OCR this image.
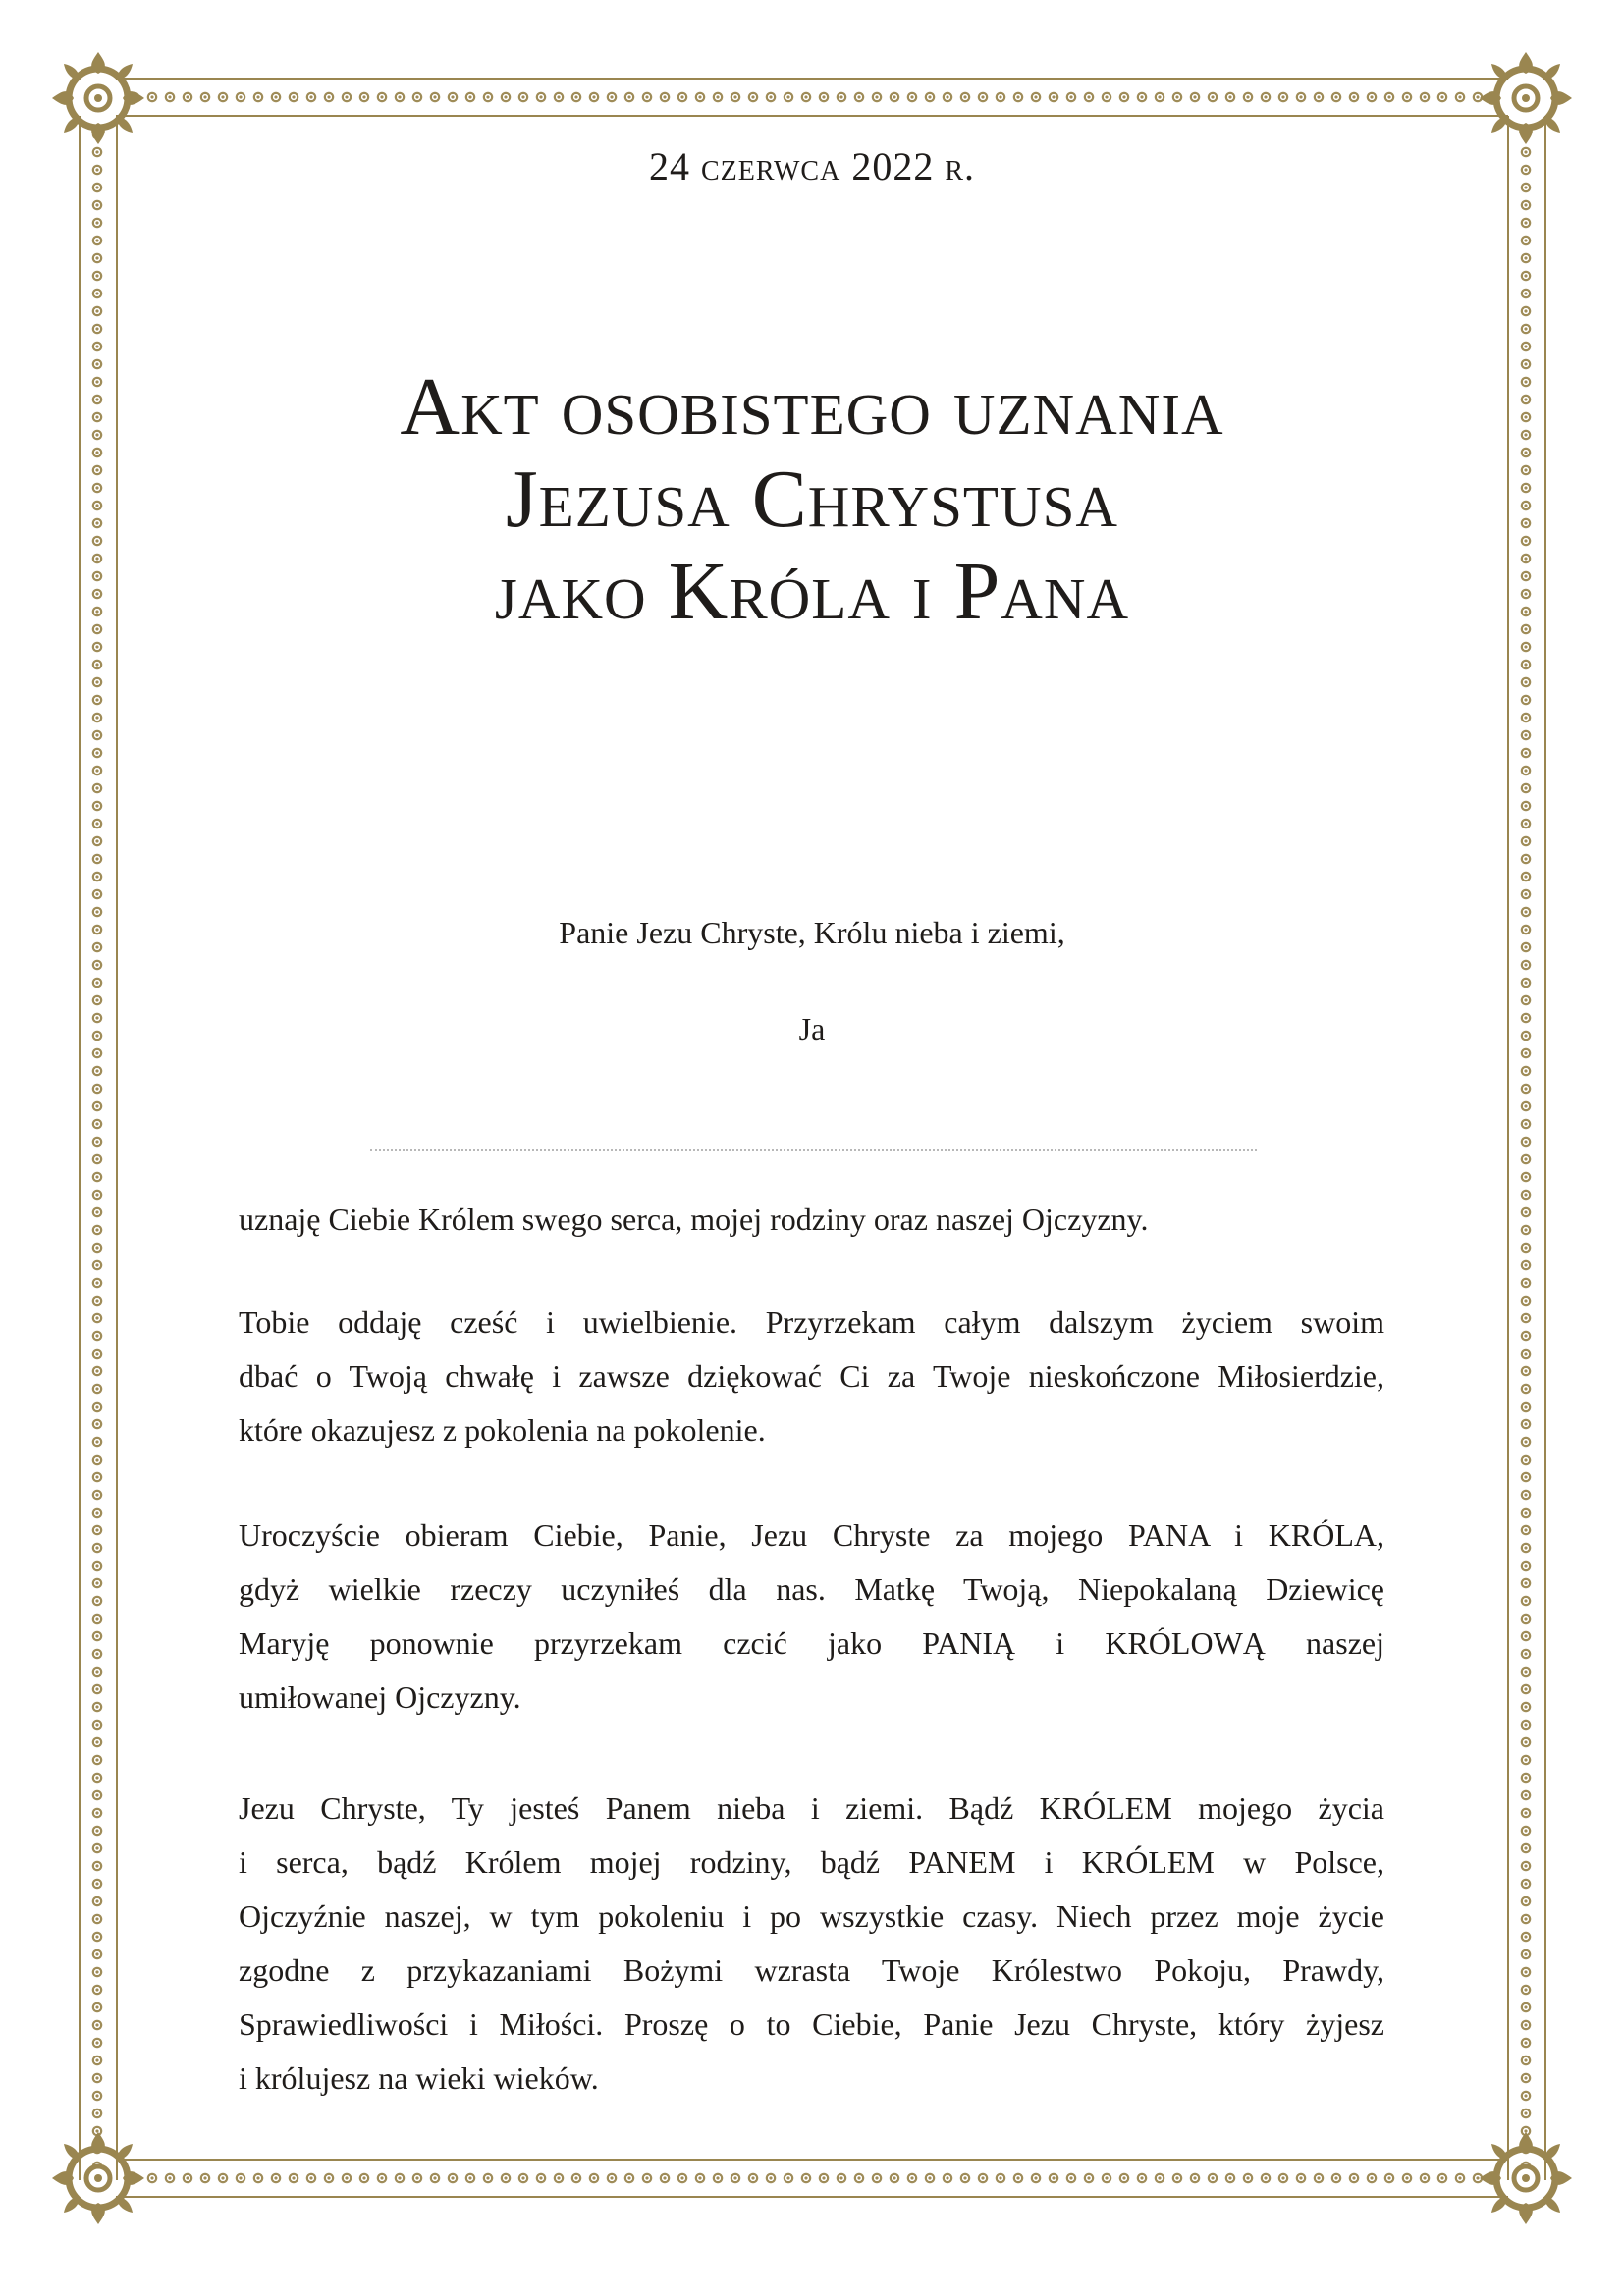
24 czerwca 2022 r.
Akt osobistego uznania
Jezusa Chrystusa
jako Króla i Pana
Panie Jezu Chryste, Królu nieba i ziemi,
Ja
uznaję Ciebie Królem swego serca, mojej rodziny oraz naszej Ojczyzny.
Tobie oddaję cześć i uwielbienie. Przyrzekam całym dalszym życiem swoim
dbać o Twoją chwałę i zawsze dziękować Ci za Twoje nieskończone Miłosierdzie,
które okazujesz z pokolenia na pokolenie.
Uroczyście obieram Ciebie, Panie, Jezu Chryste za mojego PANA i KRÓLA,
gdyż wielkie rzeczy uczyniłeś dla nas. Matkę Twoją, Niepokalaną Dziewicę
Maryję ponownie przyrzekam czcić jako PANIĄ i KRÓLOWĄ naszej
umiłowanej Ojczyzny.
Jezu Chryste, Ty jesteś Panem nieba i ziemi. Bądź KRÓLEM mojego życia
i serca, bądź Królem mojej rodziny, bądź PANEM i KRÓLEM w Polsce,
Ojczyźnie naszej, w tym pokoleniu i po wszystkie czasy. Niech przez moje życie
zgodne z przykazaniami Bożymi wzrasta Twoje Królestwo Pokoju, Prawdy,
Sprawiedliwości i Miłości. Proszę o to Ciebie, Panie Jezu Chryste, który żyjesz
i królujesz na wieki wieków.
